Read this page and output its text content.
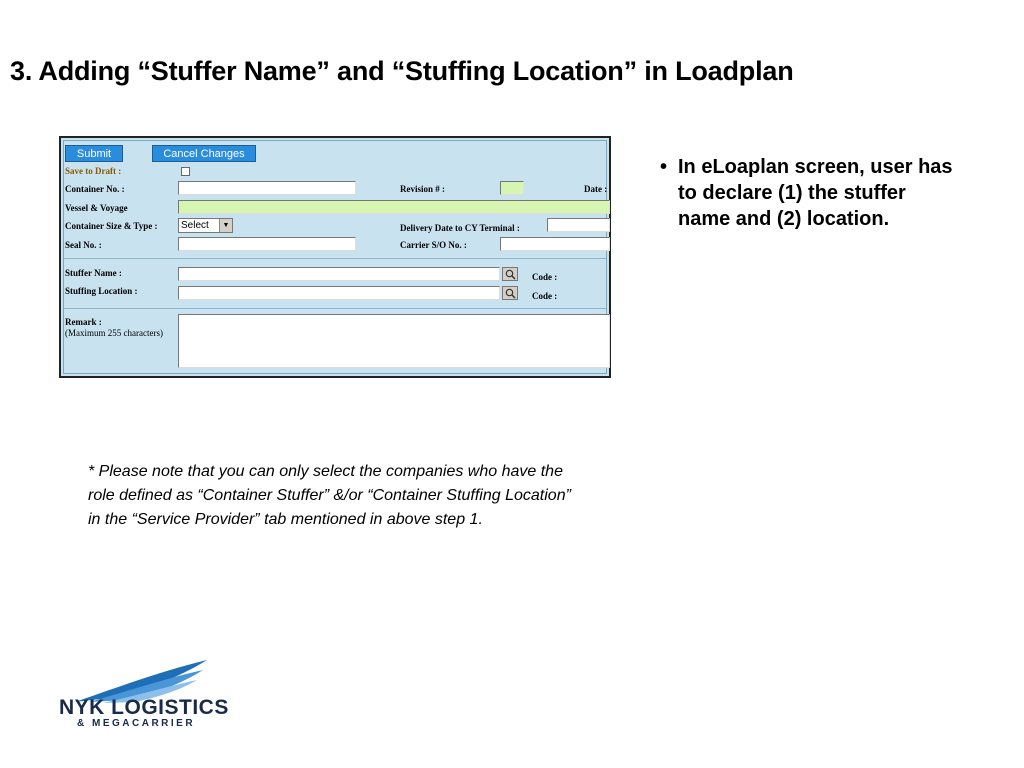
3. Adding “Stuffer Name” and “Stuffing Location” in Loadplan
Submit	Cancel Changes
Save to Draft :
Container No. :	Revision # :	Date :
Vessel & Voyage
Container Size & Type :	Select	▼	Delivery Date to CY Terminal :
Seal No. :	Carrier S/O No. :
Stuffer Name :	Code :
Stuffing Location :	Code :
Remark :
(Maximum 255 characters)
• In eLoaplan screen, user has to declare (1) the stuffer name and (2) location.
* Please note that you can only select the companies who have the role defined as “Container Stuffer” &/or “Container Stuffing Location” in the “Service Provider” tab mentioned in above step 1.
NYK LOGISTICS
& MEGACARRIER
